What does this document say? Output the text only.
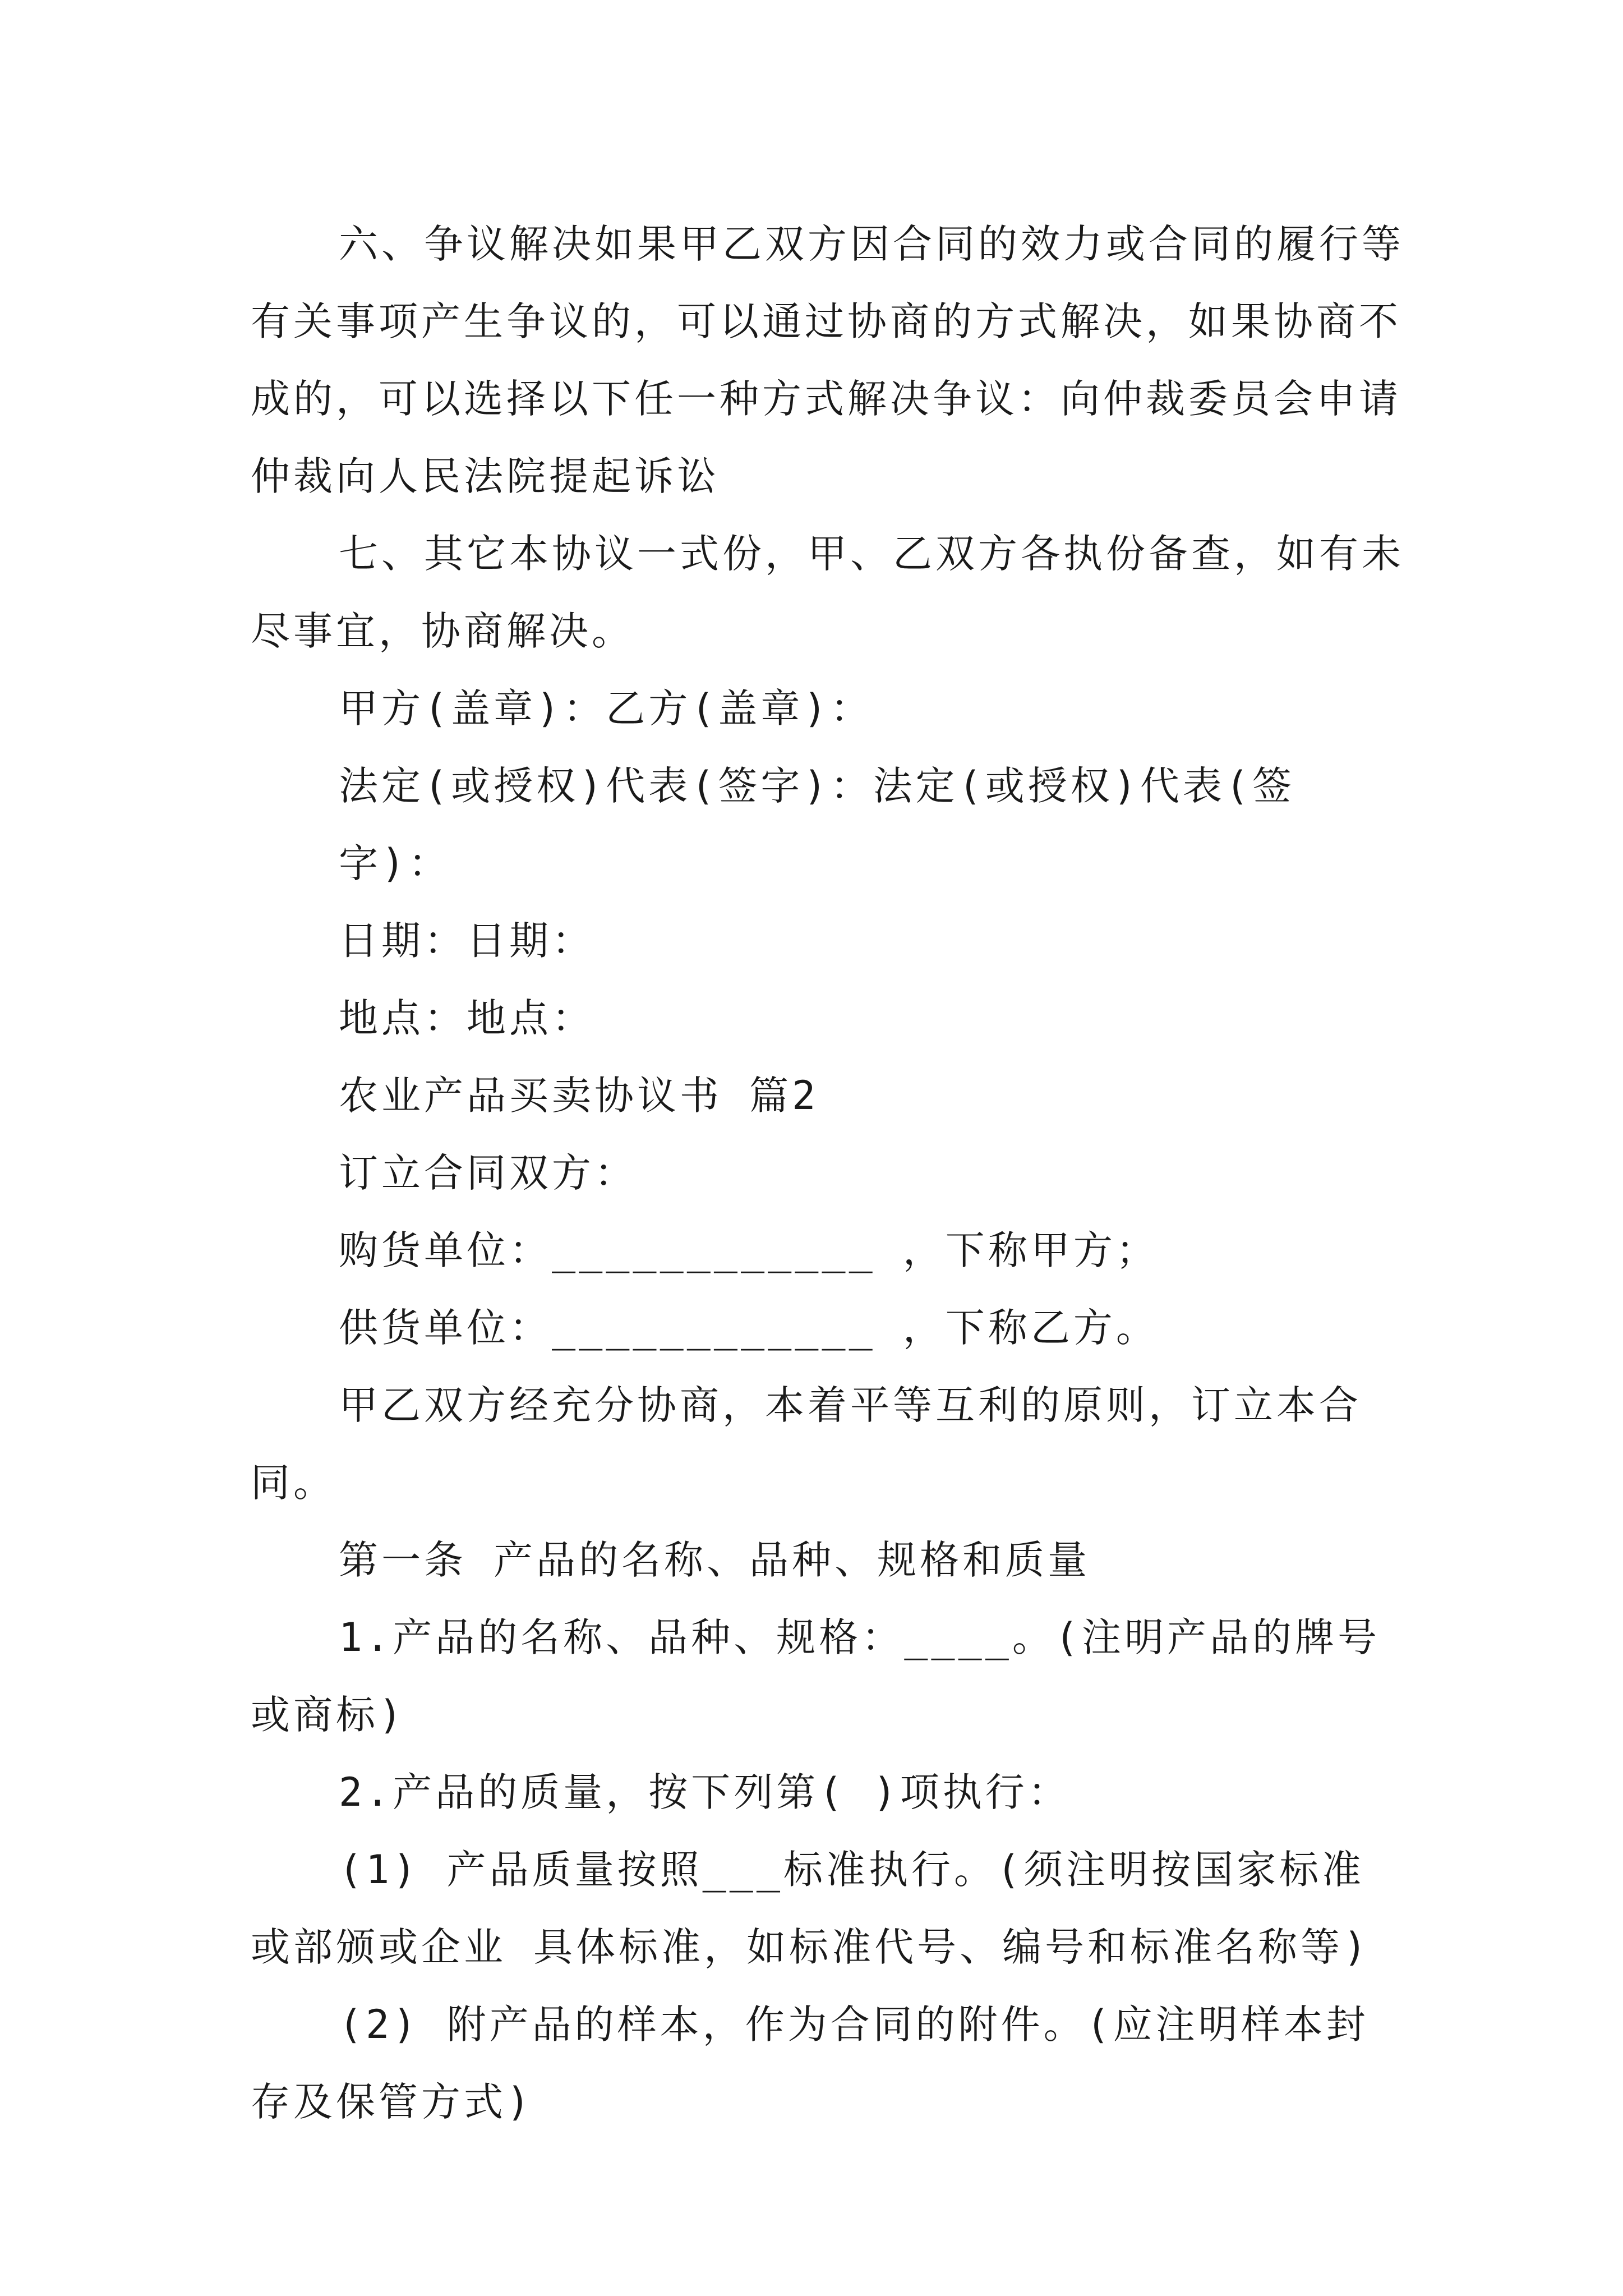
六、争议解决如果甲乙双方因合同的效力或合同的履行等有关事项产生争议的，可以通过协商的方式解决，如果协商不成的，可以选择以下任一种方式解决争议：向仲裁委员会申请仲裁向人民法院提起诉讼

七、其它本协议一式份，甲、乙双方各执份备查，如有未尽事宜，协商解决。

甲方(盖章)：乙方(盖章)：

法定(或授权)代表(签字)：法定(或授权)代表(签字)：

日期：日期：

地点：地点：

农业产品买卖协议书 篇2

订立合同双方：

购货单位：____________ ，下称甲方；

供货单位：____________ ，下称乙方。

甲乙双方经充分协商，本着平等互利的原则，订立本合同。

第一条 产品的名称、品种、规格和质量

1.产品的名称、品种、规格：____。(注明产品的牌号或商标)

2.产品的质量，按下列第( )项执行：

(1) 产品质量按照___标准执行。(须注明按国家标准或部颁或企业 具体标准，如标准代号、编号和标准名称等)

(2) 附产品的样本，作为合同的附件。(应注明样本封存及保管方式)
